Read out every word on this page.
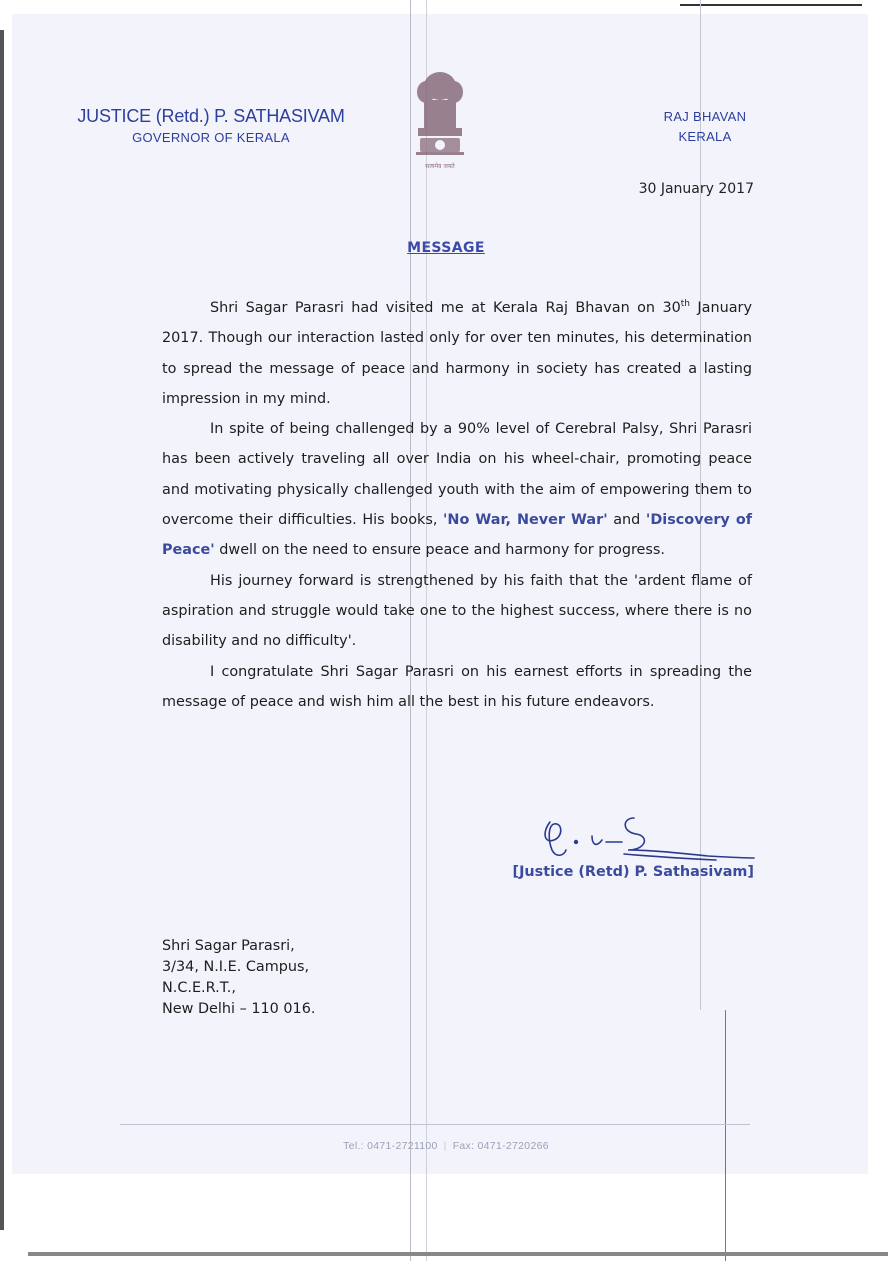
JUSTICE (Retd.) P. SATHASIVAM
GOVERNOR OF KERALA
सत्यमेव जयते
RAJ BHAVAN
KERALA
30 January 2017
MESSAGE

Shri Sagar Parasri had visited me at Kerala Raj Bhavan on 30th January 2017. Though our interaction lasted only for over ten minutes, his determination to spread the message of peace and harmony in society has created a lasting impression in my mind.

In spite of being challenged by a 90% level of Cerebral Palsy, Shri Parasri has been actively traveling all over India on his wheel-chair, promoting peace and motivating physically challenged youth with the aim of empowering them to overcome their difficulties. His books, 'No War, Never War' and 'Discovery of Peace' dwell on the need to ensure peace and harmony for progress.

His journey forward is strengthened by his faith that the 'ardent flame of aspiration and struggle would take one to the highest success, where there is no disability and no difficulty'.

I congratulate Shri Sagar Parasri on his earnest efforts in spreading the message of peace and wish him all the best in his future endeavors.

[Justice (Retd) P. Sathasivam]
Shri Sagar Parasri,
3/34, N.I.E. Campus,
N.C.E.R.T.,
New Delhi – 110 016.
Tel.: 0471-2721100 | Fax: 0471-2720266
